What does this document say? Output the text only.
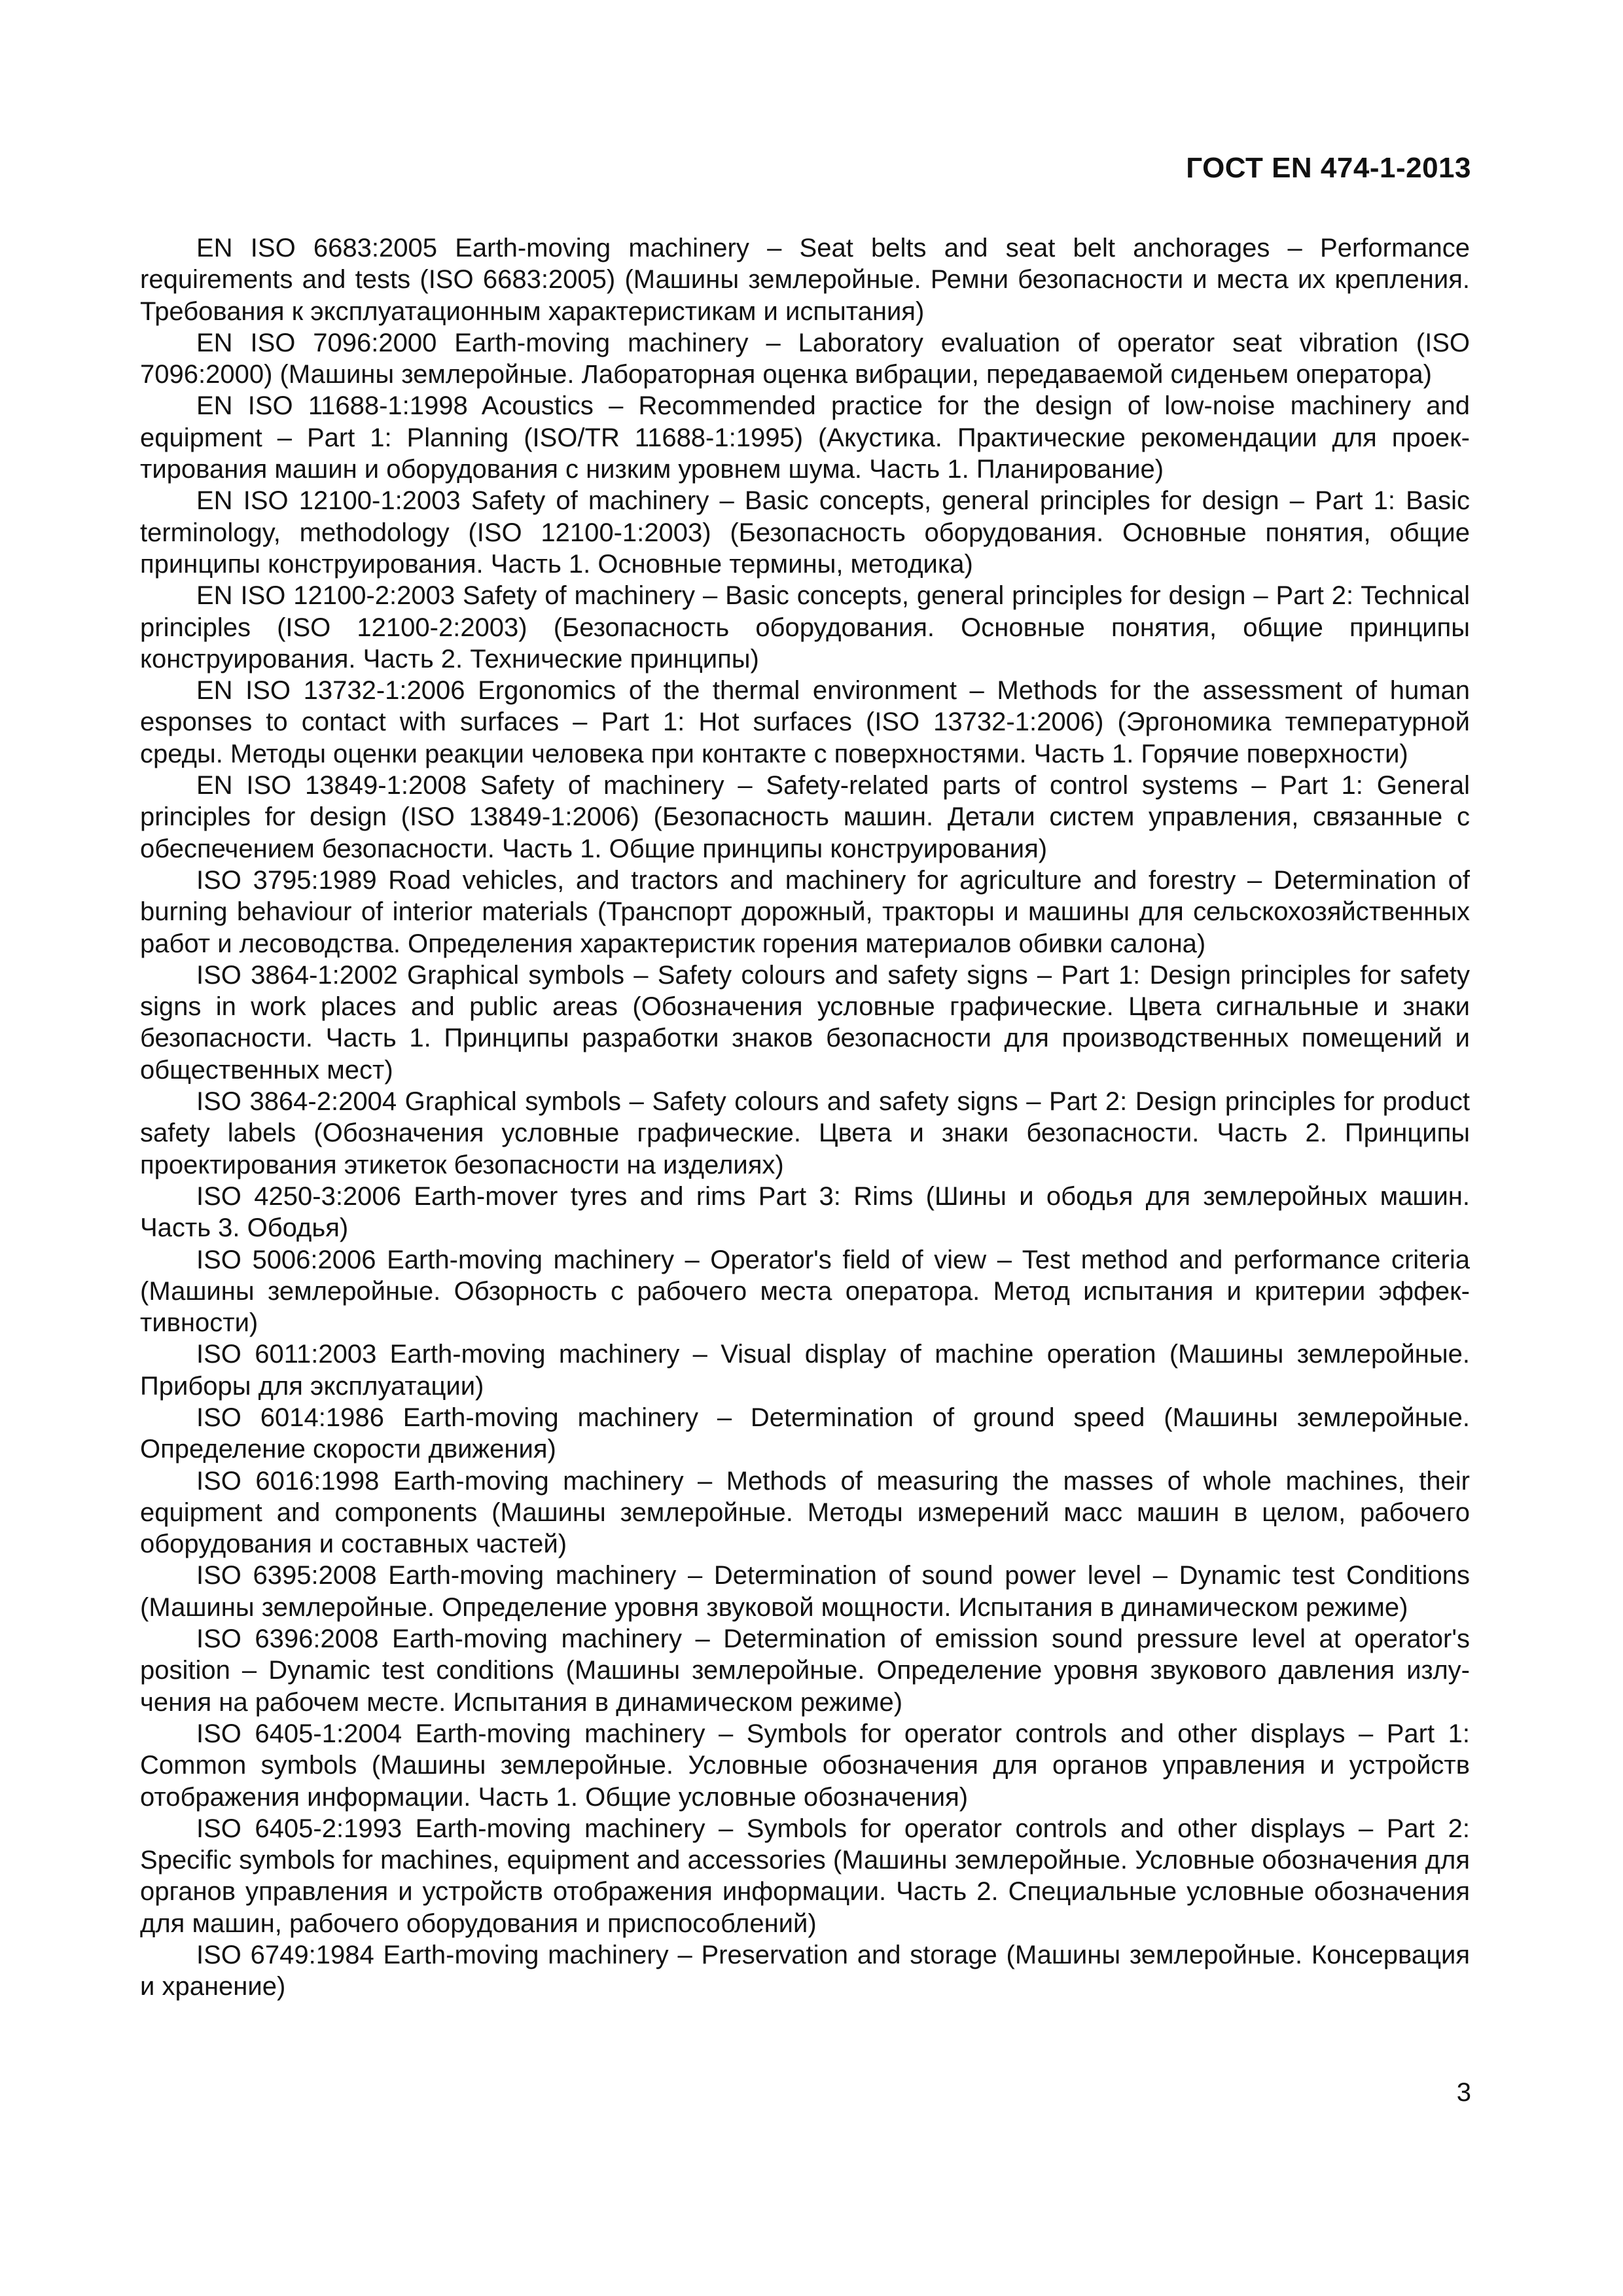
ГОСТ EN 474-1-2013

EN ISO 6683:2005 Earth-moving machinery – Seat belts and seat belt anchorages – Performance requirements and tests (ISO 6683:2005) (Машины землеройные. Ремни безопасности и места их крепления. Требования к эксплуатационным характеристикам и испытания)

EN ISO 7096:2000 Earth-moving machinery – Laboratory evaluation of operator seat vibration (ISO 7096:2000) (Машины землеройные. Лабораторная оценка вибрации, передаваемой сиденьем оператора)

EN ISO 11688-1:1998 Acoustics – Recommended practice for the design of low-noise machinery and equipment – Part 1: Planning (ISO/TR 11688-1:1995) (Акустика. Практические рекомендации для проектирования машин и оборудования с низким уровнем шума. Часть 1. Планирование)

EN ISO 12100-1:2003 Safety of machinery – Basic concepts, general principles for design – Part 1: Basic terminology, methodology (ISO 12100-1:2003) (Безопасность оборудования. Основные понятия, общие принципы конструирования. Часть 1. Основные термины, методика)

EN ISO 12100-2:2003 Safety of machinery – Basic concepts, general principles for design – Part 2: Technical principles (ISO 12100-2:2003) (Безопасность оборудования. Основные понятия, общие принципы конструирования. Часть 2. Технические принципы)

EN ISO 13732-1:2006 Ergonomics of the thermal environment – Methods for the assessment of human esponses to contact with surfaces – Part 1: Hot surfaces (ISO 13732-1:2006) (Эргономика температурной среды. Методы оценки реакции человека при контакте с поверхностями. Часть 1. Горячие поверхности)

EN ISO 13849-1:2008 Safety of machinery – Safety-related parts of control systems – Part 1: General principles for design (ISO 13849-1:2006) (Безопасность машин. Детали систем управления, связанные с обеспечением безопасности. Часть 1. Общие принципы конструирования)

ISO 3795:1989 Road vehicles, and tractors and machinery for agriculture and forestry – Determination of burning behaviour of interior materials (Транспорт дорожный, тракторы и машины для сельскохозяйственных работ и лесоводства. Определения характеристик горения материалов обивки салона)

ISO 3864-1:2002 Graphical symbols – Safety colours and safety signs – Part 1: Design principles for safety signs in work places and public areas (Обозначения условные графические. Цвета сигнальные и знаки безопасности. Часть 1. Принципы разработки знаков безопасности для производственных помещений и общественных мест)

ISO 3864-2:2004 Graphical symbols – Safety colours and safety signs – Part 2: Design principles for product safety labels (Обозначения условные графические. Цвета и знаки безопасности. Часть 2. Принципы проектирования этикеток безопасности на изделиях)

ISO 4250-3:2006 Earth-mover tyres and rims Part 3: Rims (Шины и ободья для землеройных машин. Часть 3. Ободья)

ISO 5006:2006 Earth-moving machinery – Operator's field of view – Test method and performance criteria (Машины землеройные. Обзорность с рабочего места оператора. Метод испытания и критерии эффективности)

ISO 6011:2003 Earth-moving machinery – Visual display of machine operation (Машины землеройные. Приборы для эксплуатации)

ISO 6014:1986 Earth-moving machinery – Determination of ground speed (Машины землеройные. Определение скорости движения)

ISO 6016:1998 Earth-moving machinery – Methods of measuring the masses of whole machines, their equipment and components (Машины землеройные. Методы измерений масс машин в целом, рабочего оборудования и составных частей)

ISO 6395:2008 Earth-moving machinery – Determination of sound power level – Dynamic test Conditions (Машины землеройные. Определение уровня звуковой мощности. Испытания в динамическом режиме)

ISO 6396:2008 Earth-moving machinery – Determination of emission sound pressure level at operator's position – Dynamic test conditions (Машины землеройные. Определение уровня звукового давления излучения на рабочем месте. Испытания в динамическом режиме)

ISO 6405-1:2004 Earth-moving machinery – Symbols for operator controls and other displays – Part 1: Common symbols (Машины землеройные. Условные обозначения для органов управления и устройств отображения информации. Часть 1. Общие условные обозначения)

ISO 6405-2:1993 Earth-moving machinery – Symbols for operator controls and other displays – Part 2: Specific symbols for machines, equipment and accessories (Машины землеройные. Условные обозначения для органов управления и устройств отображения информации. Часть 2. Специальные условные обозначения для машин, рабочего оборудования и приспособлений)

ISO 6749:1984 Earth-moving machinery – Preservation and storage (Машины землеройные. Консервация и хранение)

3
